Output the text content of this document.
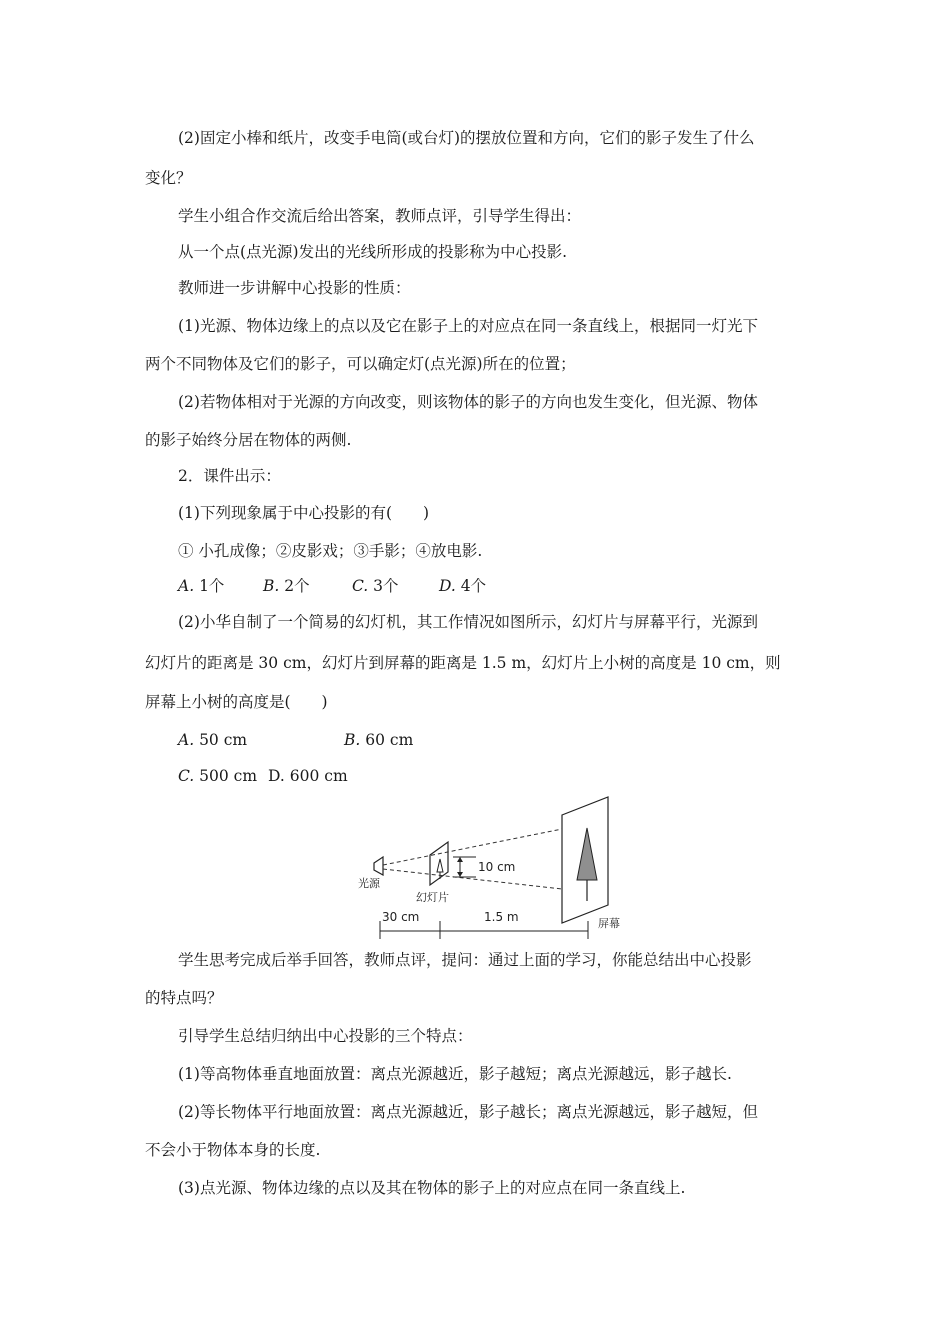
(2)固定小棒和纸片，改变手电筒(或台灯)的摆放位置和方向，它们的影子发生了什么
变化？
学生小组合作交流后给出答案，教师点评，引导学生得出：
从一个点(点光源)发出的光线所形成的投影称为中心投影.
教师进一步讲解中心投影的性质：
(1)光源、物体边缘上的点以及它在影子上的对应点在同一条直线上，根据同一灯光下
两个不同物体及它们的影子，可以确定灯(点光源)所在的位置；
(2)若物体相对于光源的方向改变，则该物体的影子的方向也发生变化，但光源、物体
的影子始终分居在物体的两侧.
2．课件出示：
(1)下列现象属于中心投影的有(　　)
① 小孔成像；②皮影戏；③手影；④放电影.
A. 1个 B. 2个	C. 3个	D. 4个
(2)小华自制了一个简易的幻灯机，其工作情况如图所示，幻灯片与屏幕平行，光源到
幻灯片的距离是 30 cm，幻灯片到屏幕的距离是 1.5 m，幻灯片上小树的高度是 10 cm，则
屏幕上小树的高度是(　　)
A. 50 cm	B. 60 cm
C. 500 cm D. 600 cm
10 cm
光源
幻灯片
屏幕
30 cm	1.5 m
学生思考完成后举手回答，教师点评，提问：通过上面的学习，你能总结出中心投影
的特点吗？
引导学生总结归纳出中心投影的三个特点：
(1)等高物体垂直地面放置：离点光源越近，影子越短；离点光源越远，影子越长.
(2)等长物体平行地面放置：离点光源越近，影子越长；离点光源越远，影子越短，但
不会小于物体本身的长度.
(3)点光源、物体边缘的点以及其在物体的影子上的对应点在同一条直线上.
